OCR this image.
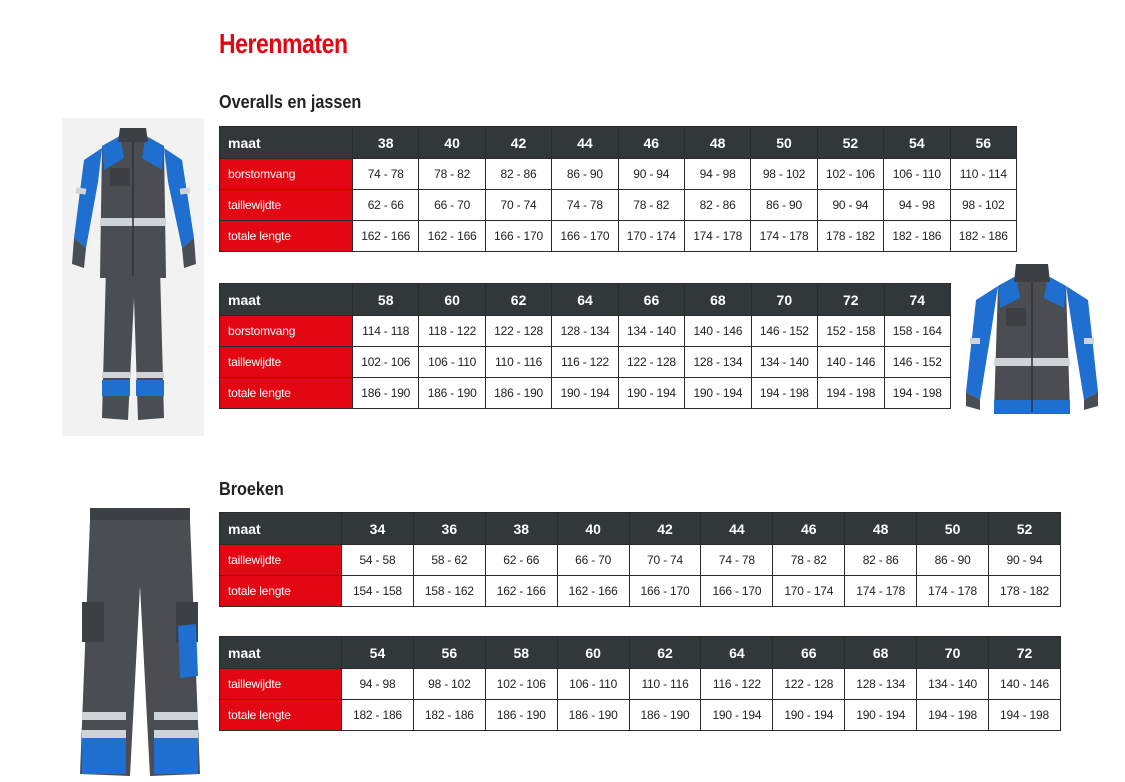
Herenmaten
Overalls en jassen
Broeken
maat	38	40	42	44	46	48	50	52	54	56
borstomvang	74 - 78	78 - 82	82 - 86	86 - 90	90 - 94	94 - 98	98 - 102	102 - 106	106 - 110	110 - 114
taillewijdte	62 - 66	66 - 70	70 - 74	74 - 78	78 - 82	82 - 86	86 - 90	90 - 94	94 - 98	98 - 102
totale lengte	162 - 166	162 - 166	166 - 170	166 - 170	170 - 174	174 - 178	174 - 178	178 - 182	182 - 186	182 - 186
maat	58	60	62	64	66	68	70	72	74
borstomvang	114 - 118	118 - 122	122 - 128	128 - 134	134 - 140	140 - 146	146 - 152	152 - 158	158 - 164
taillewijdte	102 - 106	106 - 110	110 - 116	116 - 122	122 - 128	128 - 134	134 - 140	140 - 146	146 - 152
totale lengte	186 - 190	186 - 190	186 - 190	190 - 194	190 - 194	190 - 194	194 - 198	194 - 198	194 - 198
maat	34	36	38	40	42	44	46	48	50	52
taillewijdte	54 - 58	58 - 62	62 - 66	66 - 70	70 - 74	74 - 78	78 - 82	82 - 86	86 - 90	90 - 94
totale lengte	154 - 158	158 - 162	162 - 166	162 - 166	166 - 170	166 - 170	170 - 174	174 - 178	174 - 178	178 - 182
maat	54	56	58	60	62	64	66	68	70	72
taillewijdte	94 - 98	98 - 102	102 - 106	106 - 110	110 - 116	116 - 122	122 - 128	128 - 134	134 - 140	140 - 146
totale lengte	182 - 186	182 - 186	186 - 190	186 - 190	186 - 190	190 - 194	190 - 194	190 - 194	194 - 198	194 - 198
